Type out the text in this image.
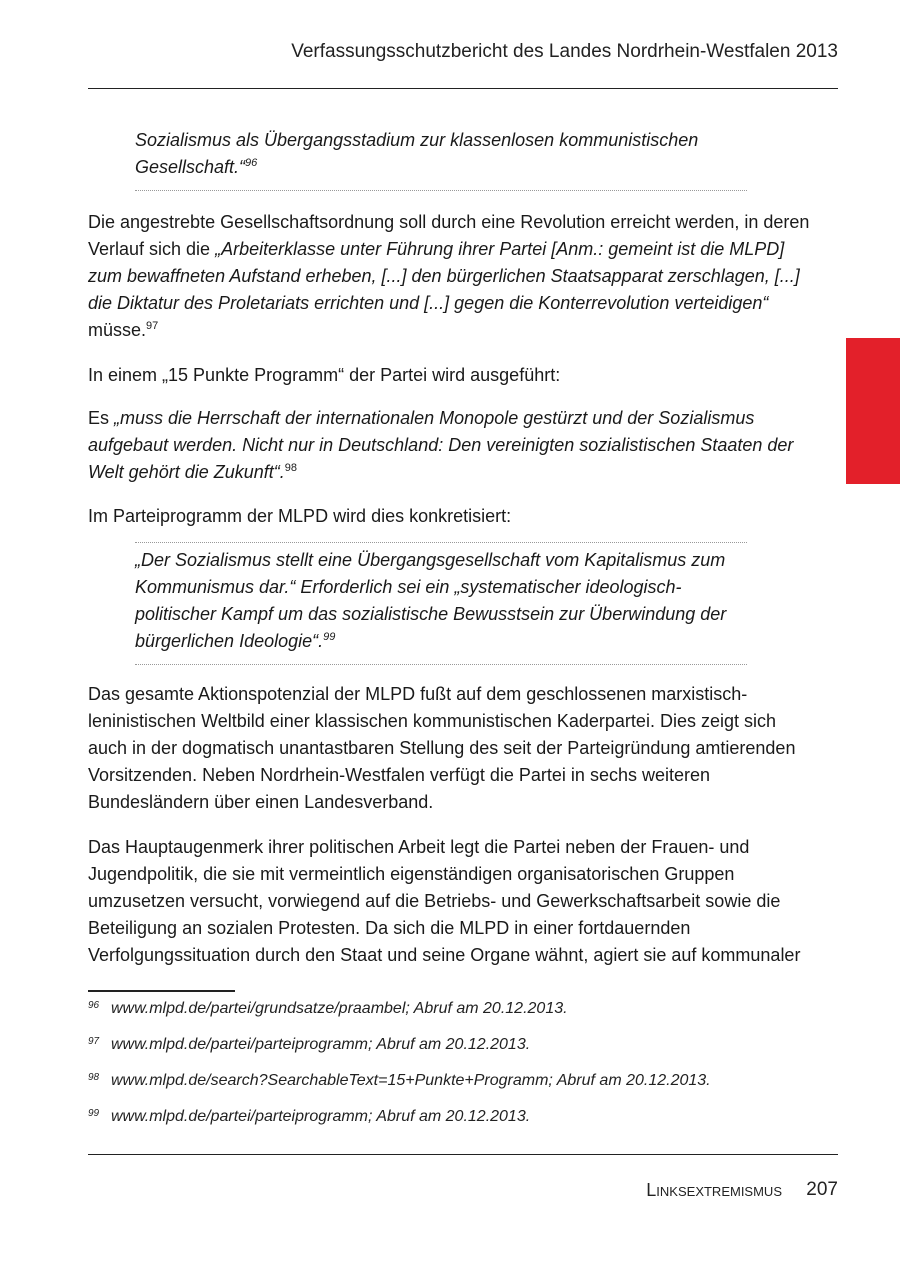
Verfassungsschutzbericht des Landes Nordrhein-Westfalen 2013
Sozialismus als Übergangsstadium zur klassenlosen kommunistischen Gesellschaft.“$^{96}$

Die angestrebte Gesellschaftsordnung soll durch eine Revolution erreicht werden, in deren Verlauf sich die „Arbeiterklasse unter Führung ihrer Partei [Anm.: gemeint ist die MLPD] zum bewaffneten Aufstand erheben, [...] den bürgerlichen Staatsapparat zerschlagen, [...] die Diktatur des Proletariats errichten und [...] gegen die Konterrevolution verteidigen“ müsse.$^{97}$

In einem „15 Punkte Programm“ der Partei wird ausgeführt:

Es „muss die Herrschaft der internationalen Monopole gestürzt und der Sozialismus aufgebaut werden. Nicht nur in Deutschland: Den vereinigten sozialistischen Staaten der Welt gehört die Zukunft“.$^{98}$

Im Parteiprogramm der MLPD wird dies konkretisiert:

„Der Sozialismus stellt eine Übergangsgesellschaft vom Kapitalismus zum Kommunismus dar.“ Erforderlich sei ein „systematischer ideologisch-politischer Kampf um das sozialistische Bewusstsein zur Überwindung der bürgerlichen Ideologie“.$^{99}$

Das gesamte Aktionspotenzial der MLPD fußt auf dem geschlossenen marxistisch-leninistischen Weltbild einer klassischen kommunistischen Kaderpartei. Dies zeigt sich auch in der dogmatisch unantastbaren Stellung des seit der Parteigründung amtierenden Vorsitzenden. Neben Nordrhein-Westfalen verfügt die Partei in sechs weiteren Bundesländern über einen Landesverband.

Das Hauptaugenmerk ihrer politischen Arbeit legt die Partei neben der Frauen- und Jugendpolitik, die sie mit vermeintlich eigenständigen organisatorischen Gruppen umzusetzen versucht, vorwiegend auf die Betriebs- und Gewerkschaftsarbeit sowie die Beteiligung an sozialen Protesten. Da sich die MLPD in einer fortdauernden Verfolgungssituation durch den Staat und seine Organe wähnt, agiert sie auf kommunaler

96 www.mlpd.de/partei/grundsatze/praambel; Abruf am 20.12.2013.
97 www.mlpd.de/partei/parteiprogramm; Abruf am 20.12.2013.
98 www.mlpd.de/search?SearchableText=15+Punkte+Programm; Abruf am 20.12.2013.
99 www.mlpd.de/partei/parteiprogramm; Abruf am 20.12.2013.
Linksextremismus 207
